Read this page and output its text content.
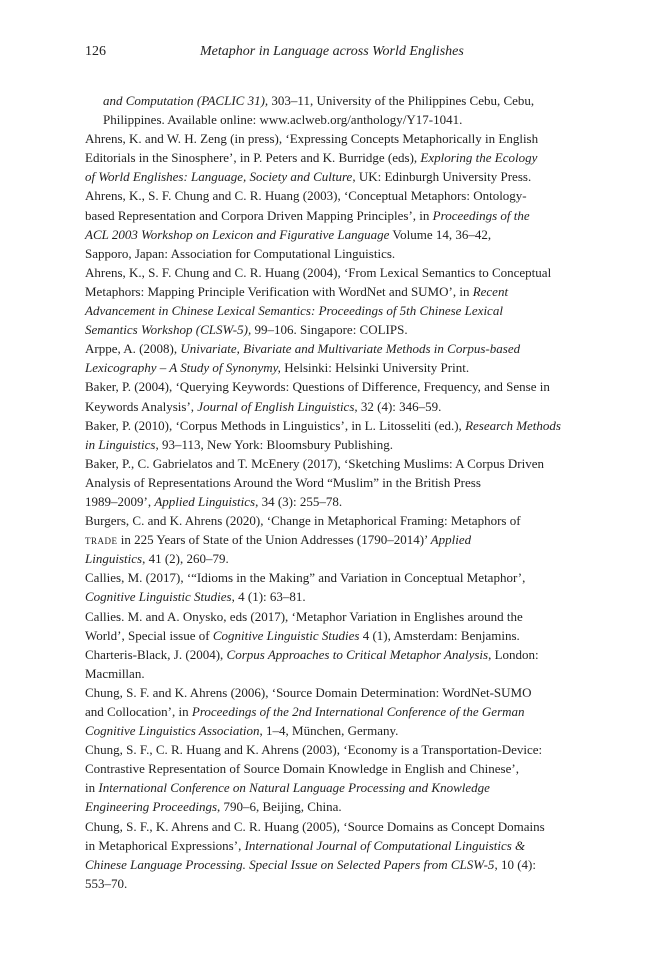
126	Metaphor in Language across World Englishes

and Computation (PACLIC 31), 303–11, University of the Philippines Cebu, Cebu,
Philippines. Available online: www.aclweb.org/anthology/Y17-1041.

Ahrens, K. and W. H. Zeng (in press), ‘Expressing Concepts Metaphorically in English
Editorials in the Sinosphere’, in P. Peters and K. Burridge (eds), Exploring the Ecology
of World Englishes: Language, Society and Culture, UK: Edinburgh University Press.

Ahrens, K., S. F. Chung and C. R. Huang (2003), ‘Conceptual Metaphors: Ontology-
based Representation and Corpora Driven Mapping Principles’, in Proceedings of the
ACL 2003 Workshop on Lexicon and Figurative Language Volume 14, 36–42,
Sapporo, Japan: Association for Computational Linguistics.

Ahrens, K., S. F. Chung and C. R. Huang (2004), ‘From Lexical Semantics to Conceptual
Metaphors: Mapping Principle Verification with WordNet and SUMO’, in Recent
Advancement in Chinese Lexical Semantics: Proceedings of 5th Chinese Lexical
Semantics Workshop (CLSW-5), 99–106. Singapore: COLIPS.

Arppe, A. (2008), Univariate, Bivariate and Multivariate Methods in Corpus-based
Lexicography – A Study of Synonymy, Helsinki: Helsinki University Print.

Baker, P. (2004), ‘Querying Keywords: Questions of Difference, Frequency, and Sense in
Keywords Analysis’, Journal of English Linguistics, 32 (4): 346–59.

Baker, P. (2010), ‘Corpus Methods in Linguistics’, in L. Litosseliti (ed.), Research Methods
in Linguistics, 93–113, New York: Bloomsbury Publishing.

Baker, P., C. Gabrielatos and T. McEnery (2017), ‘Sketching Muslims: A Corpus Driven
Analysis of Representations Around the Word “Muslim” in the British Press
1989–2009’, Applied Linguistics, 34 (3): 255–78.

Burgers, C. and K. Ahrens (2020), ‘Change in Metaphorical Framing: Metaphors of
trade in 225 Years of State of the Union Addresses (1790–2014)’ Applied
Linguistics, 41 (2), 260–79.

Callies, M. (2017), ‘“Idioms in the Making” and Variation in Conceptual Metaphor’,
Cognitive Linguistic Studies, 4 (1): 63–81.

Callies. M. and A. Onysko, eds (2017), ‘Metaphor Variation in Englishes around the
World’, Special issue of Cognitive Linguistic Studies 4 (1), Amsterdam: Benjamins.

Charteris-Black, J. (2004), Corpus Approaches to Critical Metaphor Analysis, London:
Macmillan.

Chung, S. F. and K. Ahrens (2006), ‘Source Domain Determination: WordNet-SUMO
and Collocation’, in Proceedings of the 2nd International Conference of the German
Cognitive Linguistics Association, 1–4, München, Germany.

Chung, S. F., C. R. Huang and K. Ahrens (2003), ‘Economy is a Transportation-Device:
Contrastive Representation of Source Domain Knowledge in English and Chinese’,
in International Conference on Natural Language Processing and Knowledge
Engineering Proceedings, 790–6, Beijing, China.

Chung, S. F., K. Ahrens and C. R. Huang (2005), ‘Source Domains as Concept Domains
in Metaphorical Expressions’, International Journal of Computational Linguistics &
Chinese Language Processing. Special Issue on Selected Papers from CLSW-5, 10 (4):
553–70.
